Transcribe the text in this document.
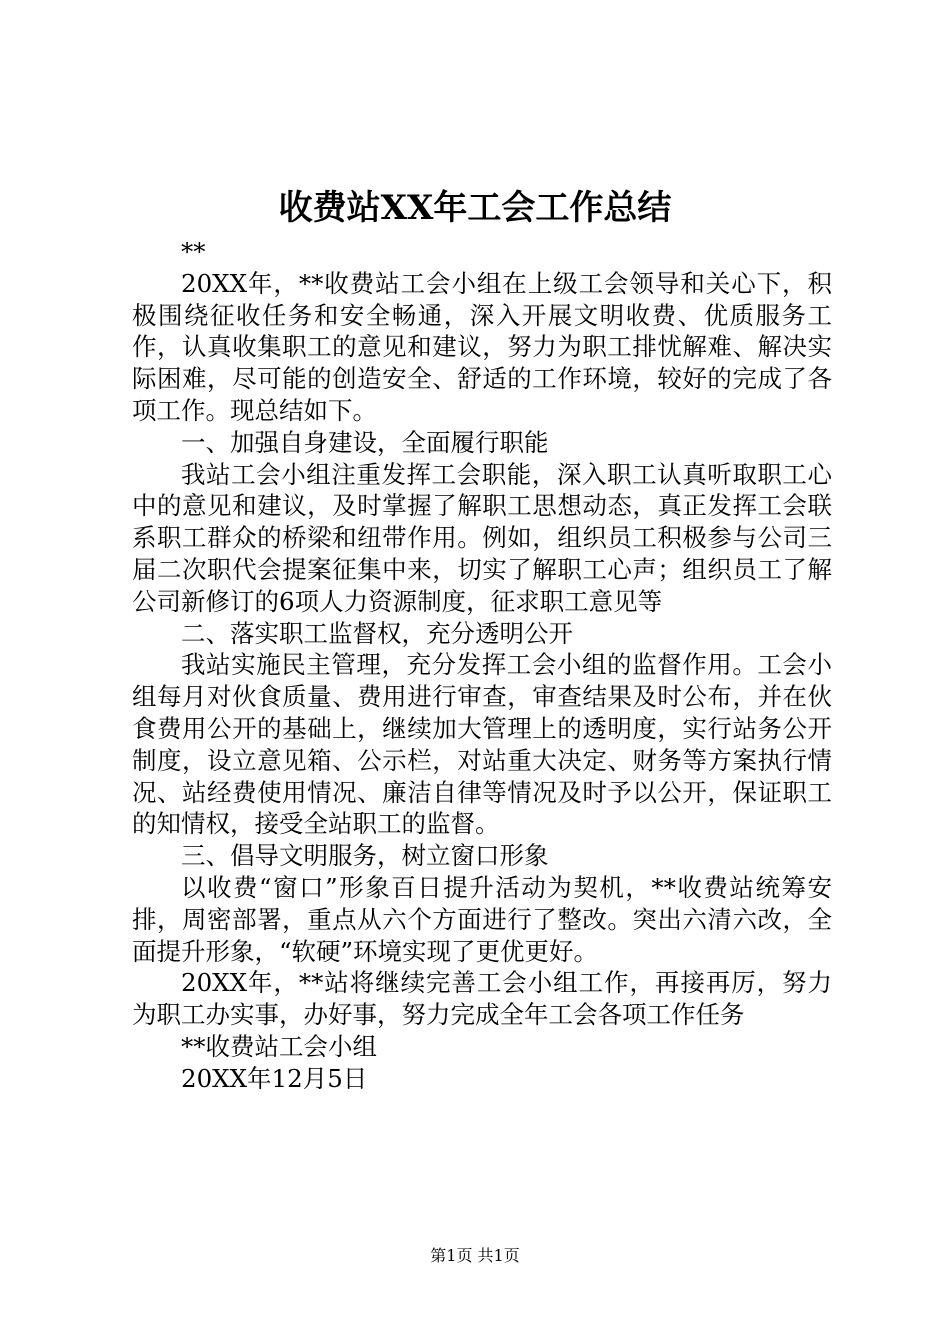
收费站XX年工会工作总结

**

20XX年，**收费站工会小组在上级工会领导和关心下，积极围绕征收任务和安全畅通，深入开展文明收费、优质服务工作，认真收集职工的意见和建议，努力为职工排忧解难、解决实际困难，尽可能的创造安全、舒适的工作环境，较好的完成了各项工作。现总结如下。

一、加强自身建设，全面履行职能

我站工会小组注重发挥工会职能，深入职工认真听取职工心中的意见和建议，及时掌握了解职工思想动态，真正发挥工会联系职工群众的桥梁和纽带作用。例如，组织员工积极参与公司三届二次职代会提案征集中来，切实了解职工心声；组织员工了解公司新修订的6项人力资源制度，征求职工意见等

二、落实职工监督权，充分透明公开

我站实施民主管理，充分发挥工会小组的监督作用。工会小组每月对伙食质量、费用进行审查，审查结果及时公布，并在伙食费用公开的基础上，继续加大管理上的透明度，实行站务公开制度，设立意见箱、公示栏，对站重大决定、财务等方案执行情况、站经费使用情况、廉洁自律等情况及时予以公开，保证职工的知情权，接受全站职工的监督。

三、倡导文明服务，树立窗口形象

以收费“窗口”形象百日提升活动为契机，**收费站统筹安排，周密部署，重点从六个方面进行了整改。突出六清六改，全面提升形象，“软硬”环境实现了更优更好。

20XX年，**站将继续完善工会小组工作，再接再厉，努力为职工办实事，办好事，努力完成全年工会各项工作任务

**收费站工会小组

20XX年12月5日

第1页 共1页
